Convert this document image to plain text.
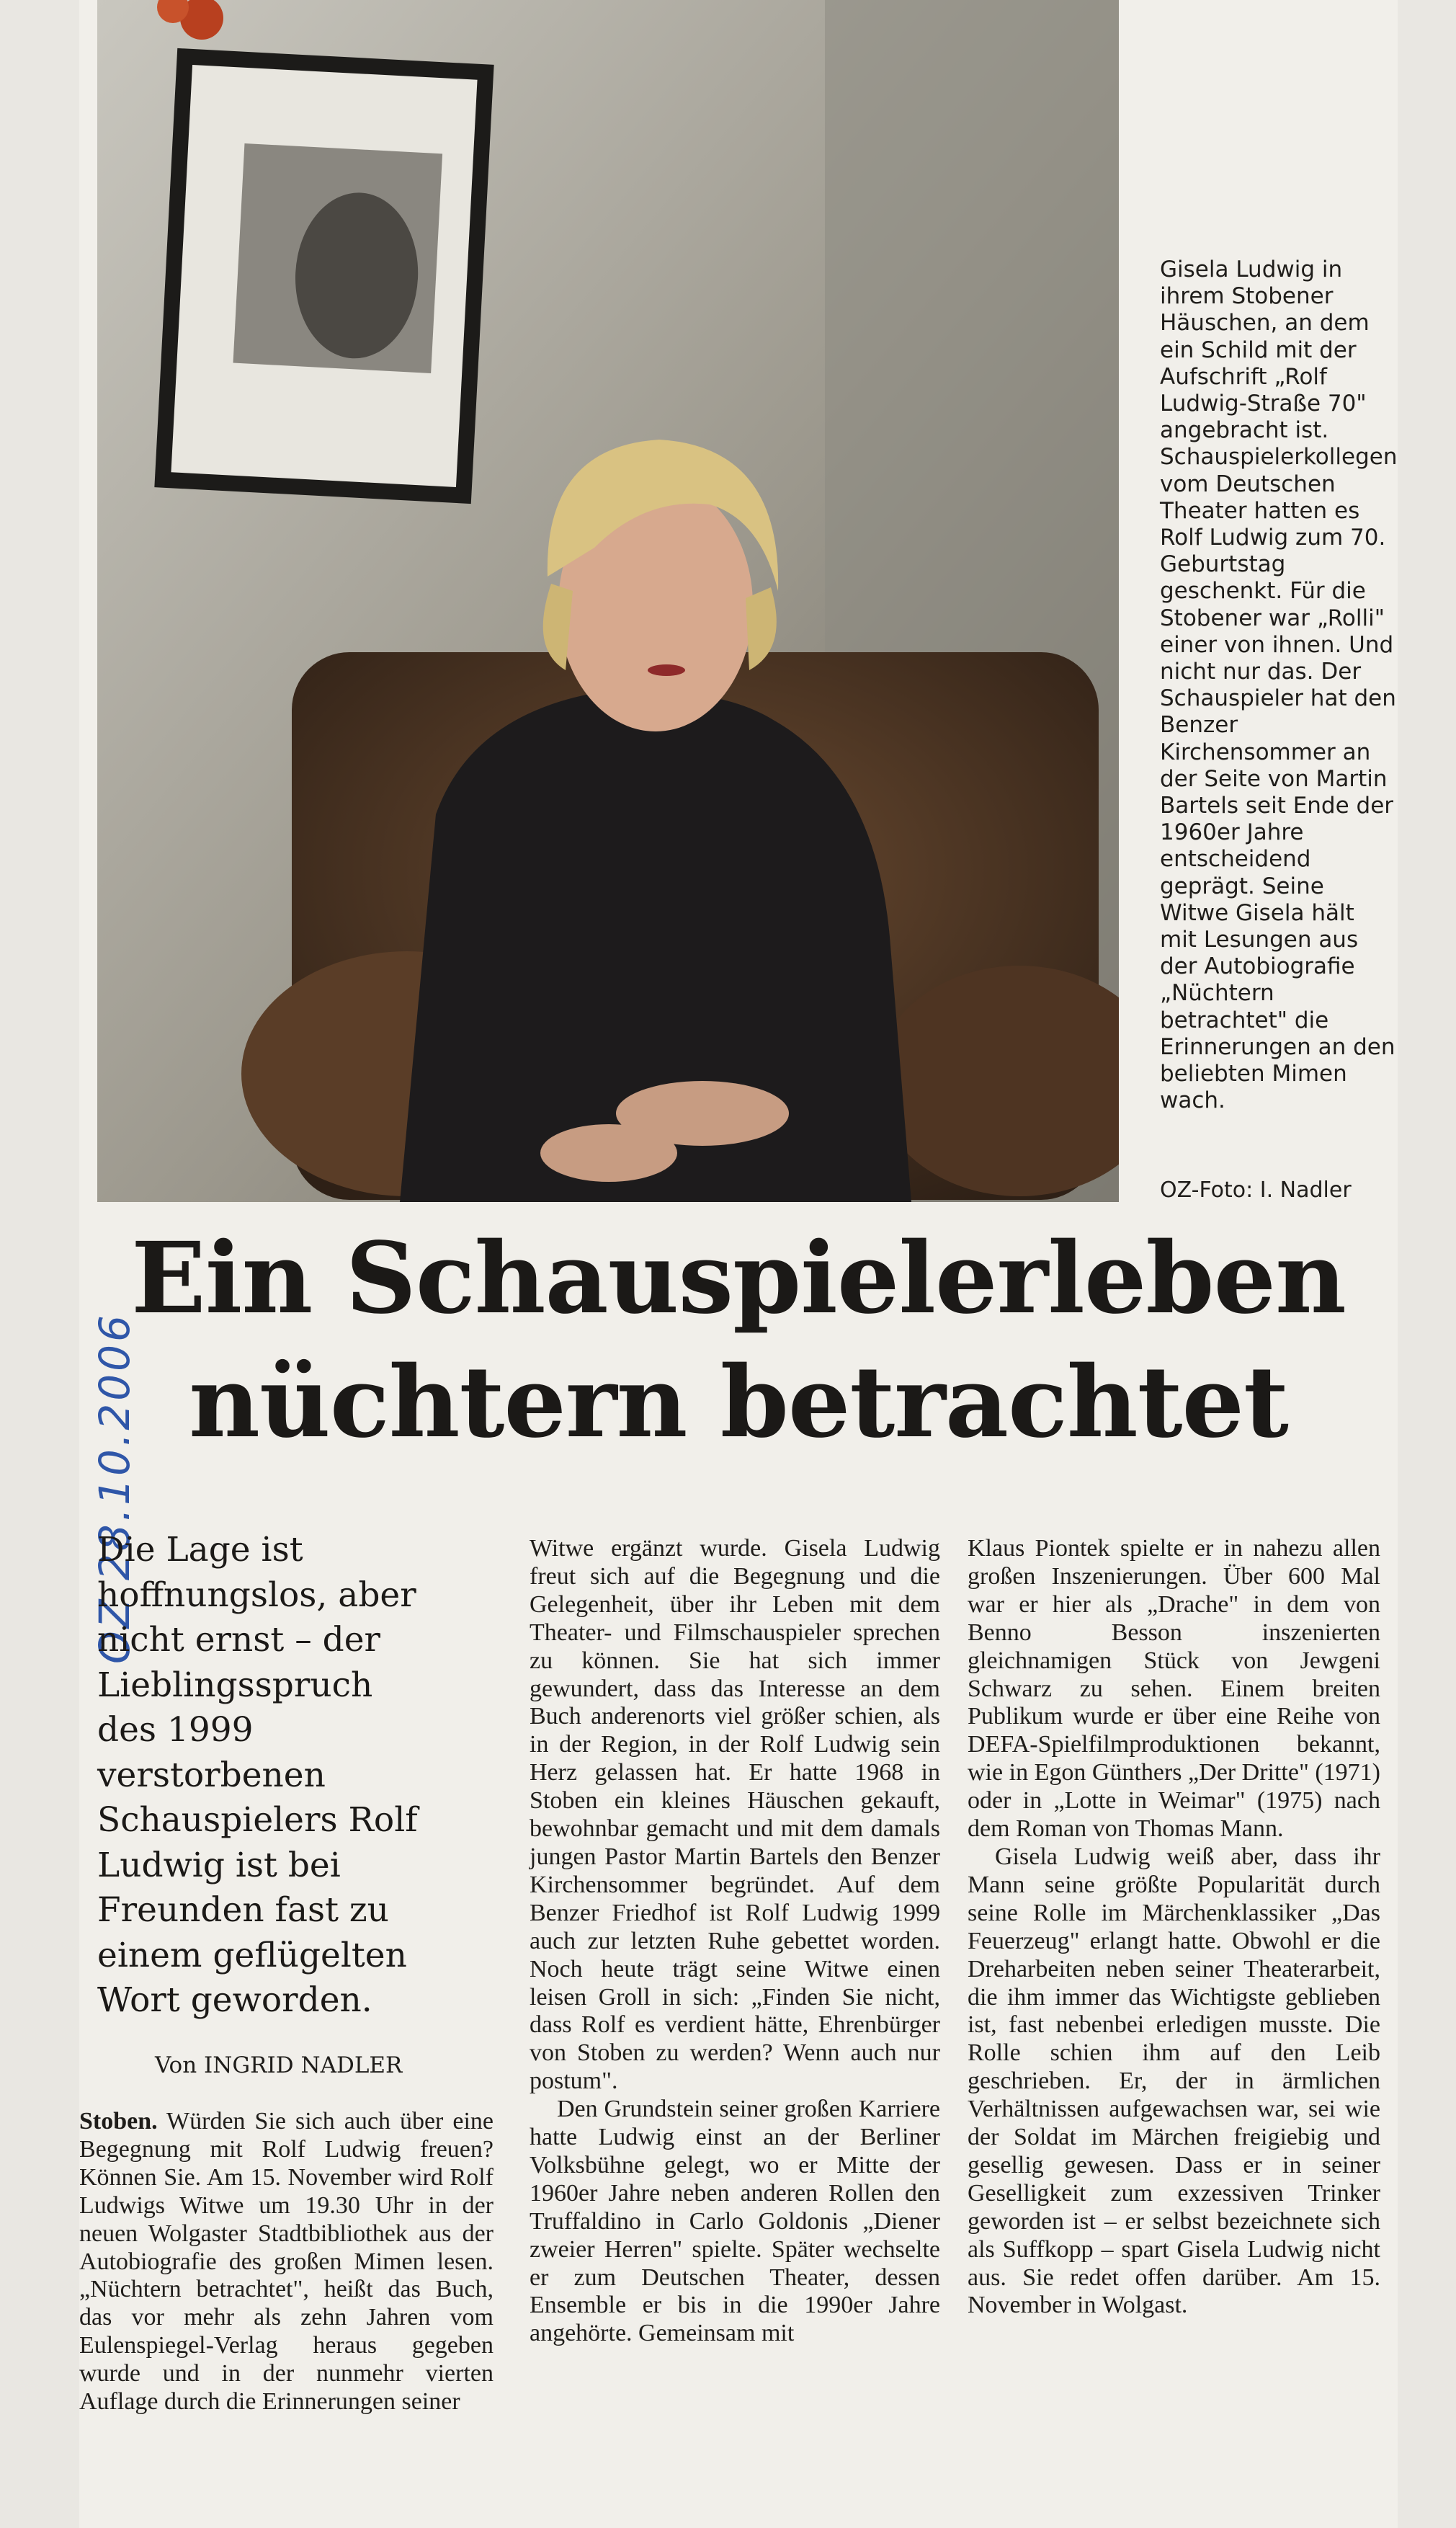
Gisela Ludwig in ihrem Stobener Häuschen, an dem ein Schild mit der Aufschrift „Rolf Ludwig-Straße 70" angebracht ist. Schauspielerkollegen vom Deutschen Theater hatten es Rolf Ludwig zum 70. Geburtstag geschenkt. Für die Stobener war „Rolli" einer von ihnen. Und nicht nur das. Der Schauspieler hat den Benzer Kirchensommer an der Seite von Martin Bartels seit Ende der 1960er Jahre entscheidend geprägt. Seine Witwe Gisela hält mit Lesungen aus der Autobiografie „Nüchtern betrachtet" die Erinnerungen an den beliebten Mimen wach.
OZ-Foto: I. Nadler
Ein Schauspielerleben
nüchtern betrachtet
OZ 28.10.2006
Die Lage ist hoffnungslos, aber nicht ernst – der Lieblingsspruch des 1999 verstorbenen Schauspielers Rolf Ludwig ist bei Freunden fast zu einem geflügelten Wort geworden.
Von INGRID NADLER

Stoben. Würden Sie sich auch über eine Begegnung mit Rolf Ludwig freuen? Können Sie. Am 15. November wird Rolf Ludwigs Witwe um 19.30 Uhr in der neuen Wolgaster Stadtbibliothek aus der Autobiografie des großen Mimen lesen. „Nüchtern betrachtet", heißt das Buch, das vor mehr als zehn Jahren vom Eulenspiegel-Verlag heraus gegeben wurde und in der nunmehr vierten Auflage durch die Erinnerungen seiner

Witwe ergänzt wurde. Gisela Ludwig freut sich auf die Begegnung und die Gelegenheit, über ihr Leben mit dem Theater- und Filmschauspieler sprechen zu können. Sie hat sich immer gewundert, dass das Interesse an dem Buch anderenorts viel größer schien, als in der Region, in der Rolf Ludwig sein Herz gelassen hat. Er hatte 1968 in Stoben ein kleines Häuschen gekauft, bewohnbar gemacht und mit dem damals jungen Pastor Martin Bartels den Benzer Kirchensommer begründet. Auf dem Benzer Friedhof ist Rolf Ludwig 1999 auch zur letzten Ruhe gebettet worden. Noch heute trägt seine Witwe einen leisen Groll in sich: „Finden Sie nicht, dass Rolf es verdient hätte, Ehrenbürger von Stoben zu werden? Wenn auch nur postum".

Den Grundstein seiner großen Karriere hatte Ludwig einst an der Berliner Volksbühne gelegt, wo er Mitte der 1960er Jahre neben anderen Rollen den Truffaldino in Carlo Goldonis „Diener zweier Herren" spielte. Später wechselte er zum Deutschen Theater, dessen Ensemble er bis in die 1990er Jahre angehörte. Gemeinsam mit

Klaus Piontek spielte er in nahezu allen großen Inszenierungen. Über 600 Mal war er hier als „Drache" in dem von Benno Besson inszenierten gleichnamigen Stück von Jewgeni Schwarz zu sehen. Einem breiten Publikum wurde er über eine Reihe von DEFA-Spielfilmproduktionen bekannt, wie in Egon Günthers „Der Dritte" (1971) oder in „Lotte in Weimar" (1975) nach dem Roman von Thomas Mann.

Gisela Ludwig weiß aber, dass ihr Mann seine größte Popularität durch seine Rolle im Märchenklassiker „Das Feuerzeug" erlangt hatte. Obwohl er die Dreharbeiten neben seiner Theaterarbeit, die ihm immer das Wichtigste geblieben ist, fast nebenbei erledigen musste. Die Rolle schien ihm auf den Leib geschrieben. Er, der in ärmlichen Verhältnissen aufgewachsen war, sei wie der Soldat im Märchen freigiebig und gesellig gewesen. Dass er in seiner Geselligkeit zum exzessiven Trinker geworden ist – er selbst bezeichnete sich als Suffkopp – spart Gisela Ludwig nicht aus. Sie redet offen darüber. Am 15. November in Wolgast.
